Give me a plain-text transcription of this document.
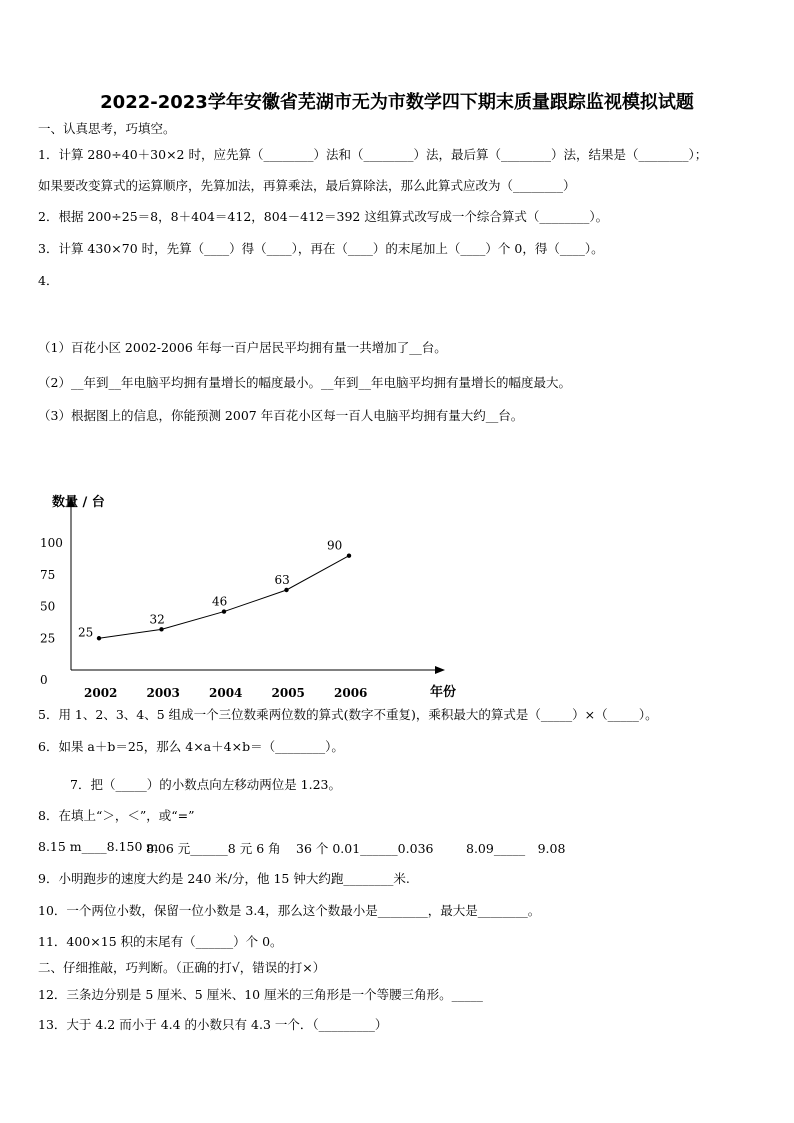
2022-2023学年安徽省芜湖市无为市数学四下期末质量跟踪监视模拟试题
一、认真思考，巧填空。
1．计算 280÷40＋30×2 时，应先算（________）法和（________）法，最后算（________）法，结果是（________）；
如果要改变算式的运算顺序，先算加法，再算乘法，最后算除法，那么此算式应改为（________）
2．根据 200÷25＝8，8＋404＝412，804－412＝392 这组算式改写成一个综合算式（________）。
3．计算 430×70 时，先算（____）得（____），再在（____）的末尾加上（____）个 0，得（____）。
4．
（1）百花小区 2002-2006 年每一百户居民平均拥有量一共增加了__台。
（2）__年到__年电脑平均拥有量增长的幅度最小。__年到__年电脑平均拥有量增长的幅度最大。
（3）根据图上的信息，你能预测 2007 年百花小区每一百人电脑平均拥有量大约__台。
数量 / 台
年份
0
25
50
75
100
2002 2003 2004 2005 2006
25
32
46
63
90
5．用 1、2、3、4、5 组成一个三位数乘两位数的算式(数字不重复)，乘积最大的算式是（_____）×（_____）。
6．如果 a＋b＝25，那么 4×a＋4×b＝（________）。
7．把（_____）的小数点向左移动两位是 1.23。
8．在填上“＞，＜”，或“=”
8.15 m____8.150 m
8.06 元______8 元 6 角	36 个 0.01______0.036	8.09_____　9.08
9．小明跑步的速度大约是 240 米/分，他 15 钟大约跑________米.
10．一个两位小数，保留一位小数是 3.4，那么这个数最小是________，最大是________。
11．400×15 积的末尾有（______）个 0。
二、仔细推敲，巧判断。（正确的打√，错误的打×）
12．三条边分别是 5 厘米、5 厘米、10 厘米的三角形是一个等腰三角形。_____
13．大于 4.2 而小于 4.4 的小数只有 4.3 一个．（_________）
